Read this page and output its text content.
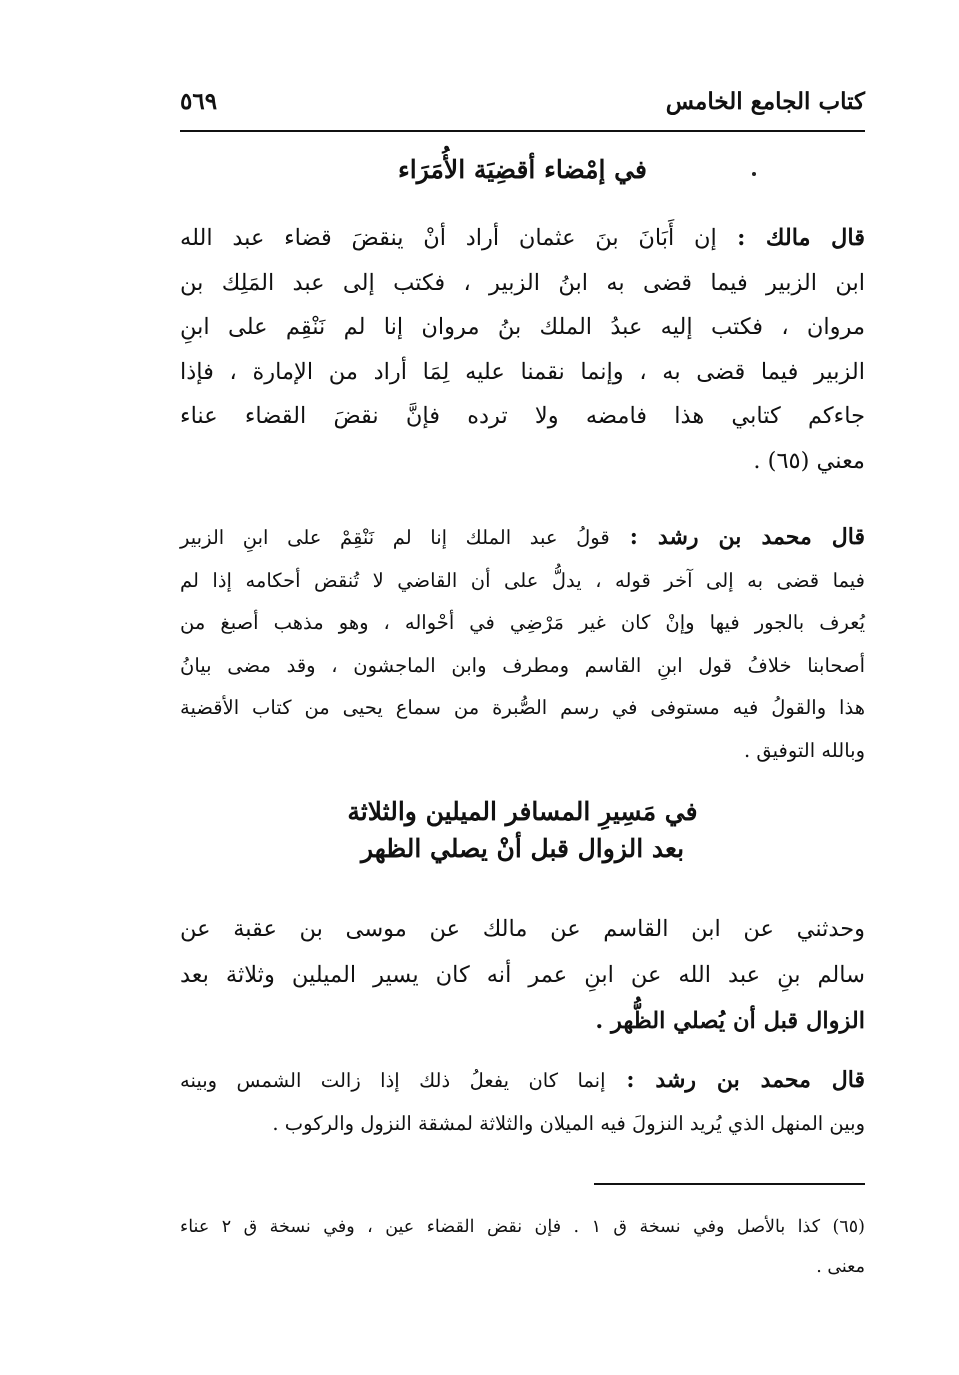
كتاب الجامع الخامس
٥٦٩
في إمْضاء أقضِيَة الأُمَرَاء
قال مالك : إن أَبَانَ بنَ عثمان أراد أنْ ينقضَ قضاء عبد الله
ابن الزبير فيما قضى به ابنُ الزبير ، فكتب إلى عبد المَلِك بن
مروان ، فكتب إليه عبدُ الملك بنُ مروان إنا لم نَنْقِم على ابنِ
الزبير فيما قضى به ، وإنما نقمنا عليه لِمَا أراد من الإمارة ، فإذا
جاءكم كتابي هذا فامضه ولا ترده فإنَّ نقضَ القضاء عناء
معني (٦٥) .
قال محمد بن رشد : قولُ عبد الملك إنا لم نَنْقِمْ على ابنِ الزبير
فيما قضى به إلى آخر قوله ، يدلُّ على أن القاضي لا تُنقض أحكامه إذا لم
يُعرف بالجور فيها وإنْ كان غير مَرْضِي في أحْواله ، وهو مذهب أصبغ من
أصحابنا خلافُ قول ابنِ القاسم ومطرف وابن الماجشون ، وقد مضى بيانُ
هذا والقولُ فيه مستوفى في رسم الصُّبرة من سماع يحيى من كتاب الأقضية
وبالله التوفيق .
في مَسِيرِ المسافر الميلين والثلاثة
بعد الزوال قبل أنْ يصلي الظهر
وحدثني عن ابن القاسم عن مالك عن موسى بن عقبة عن
سالم بنِ عبد الله عن ابنِ عمر أنه كان يسير الميلين وثلاثة بعد
الزوال قبل أن يُصلي الظُّهر .
قال محمد بن رشد : إنما كان يفعلُ ذلك إذا زالت الشمس وبينه
وبين المنهل الذي يُريد النزولَ فيه الميلان والثلاثة لمشقة النزول والركوب .
(٦٥) كذا بالأصل وفي نسخة ق ١ . فإن نقض القضاء عين ، وفي نسخة ق ٢ عناء
معنى .
